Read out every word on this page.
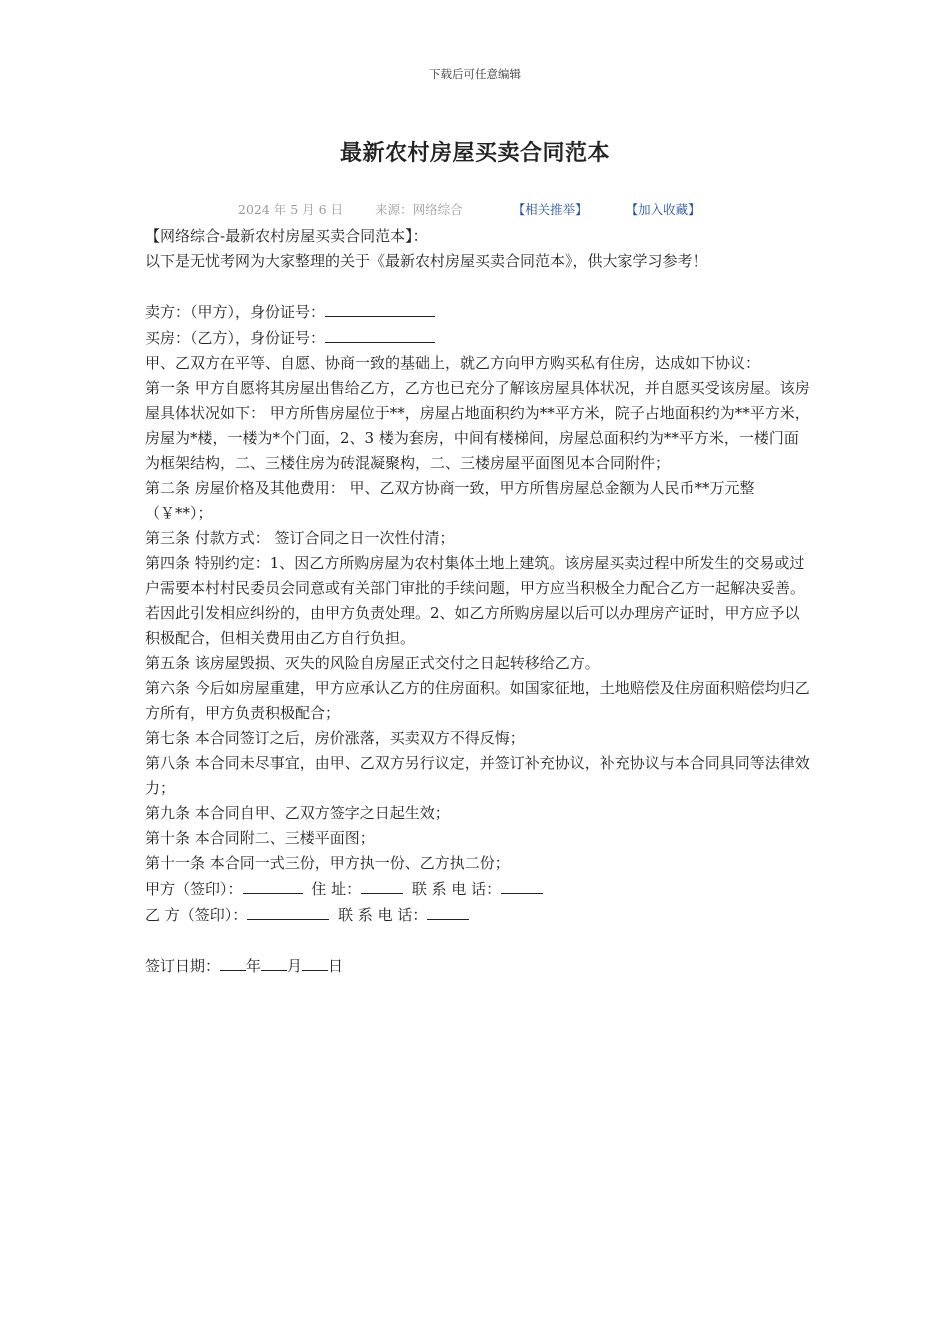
下载后可任意编辑
最新农村房屋买卖合同范本
2024 年 5 月 6 日	来源：网络综合	【相关推举】	【加入收藏】

【网络综合-最新农村房屋买卖合同范本】：

以下是无忧考网为大家整理的关于《最新农村房屋买卖合同范本》，供大家学习参考！

卖方：（甲方），身份证号：

买房：（乙方），身份证号：

甲、乙双方在平等、自愿、协商一致的基础上，就乙方向甲方购买私有住房，达成如下协议：

第一条 甲方自愿将其房屋出售给乙方，乙方也已充分了解该房屋具体状况，并自愿买受该房屋。该房屋具体状况如下： 甲方所售房屋位于**，房屋占地面积约为**平方米，院子占地面积约为**平方米，房屋为*楼，一楼为*个门面，2、3 楼为套房，中间有楼梯间，房屋总面积约为**平方米，一楼门面为框架结构，二、三楼住房为砖混凝聚构，二、三楼房屋平面图见本合同附件；

第二条 房屋价格及其他费用： 甲、乙双方协商一致，甲方所售房屋总金额为人民币**万元整（￥**）；

第三条 付款方式： 签订合同之日一次性付清；

第四条 特别约定：1、因乙方所购房屋为农村集体土地上建筑。该房屋买卖过程中所发生的交易或过户需要本村村民委员会同意或有关部门审批的手续问题，甲方应当积极全力配合乙方一起解决妥善。若因此引发相应纠纷的，由甲方负责处理。2、如乙方所购房屋以后可以办理房产证时，甲方应予以积极配合，但相关费用由乙方自行负担。

第五条 该房屋毁损、灭失的风险自房屋正式交付之日起转移给乙方。

第六条 今后如房屋重建，甲方应承认乙方的住房面积。如国家征地，土地赔偿及住房面积赔偿均归乙方所有，甲方负责积极配合；

第七条 本合同签订之后，房价涨落，买卖双方不得反悔；

第八条 本合同未尽事宜，由甲、乙双方另行议定，并签订补充协议，补充协议与本合同具同等法律效力；

第九条 本合同自甲、乙双方签字之日起生效；

第十条 本合同附二、三楼平面图；

第十一条 本合同一式三份，甲方执一份、乙方执二份；

甲方（签印）：	住 址：	联 系 电 话：

乙 方（签印）：	联 系 电 话：

签订日期： 年 月 日
